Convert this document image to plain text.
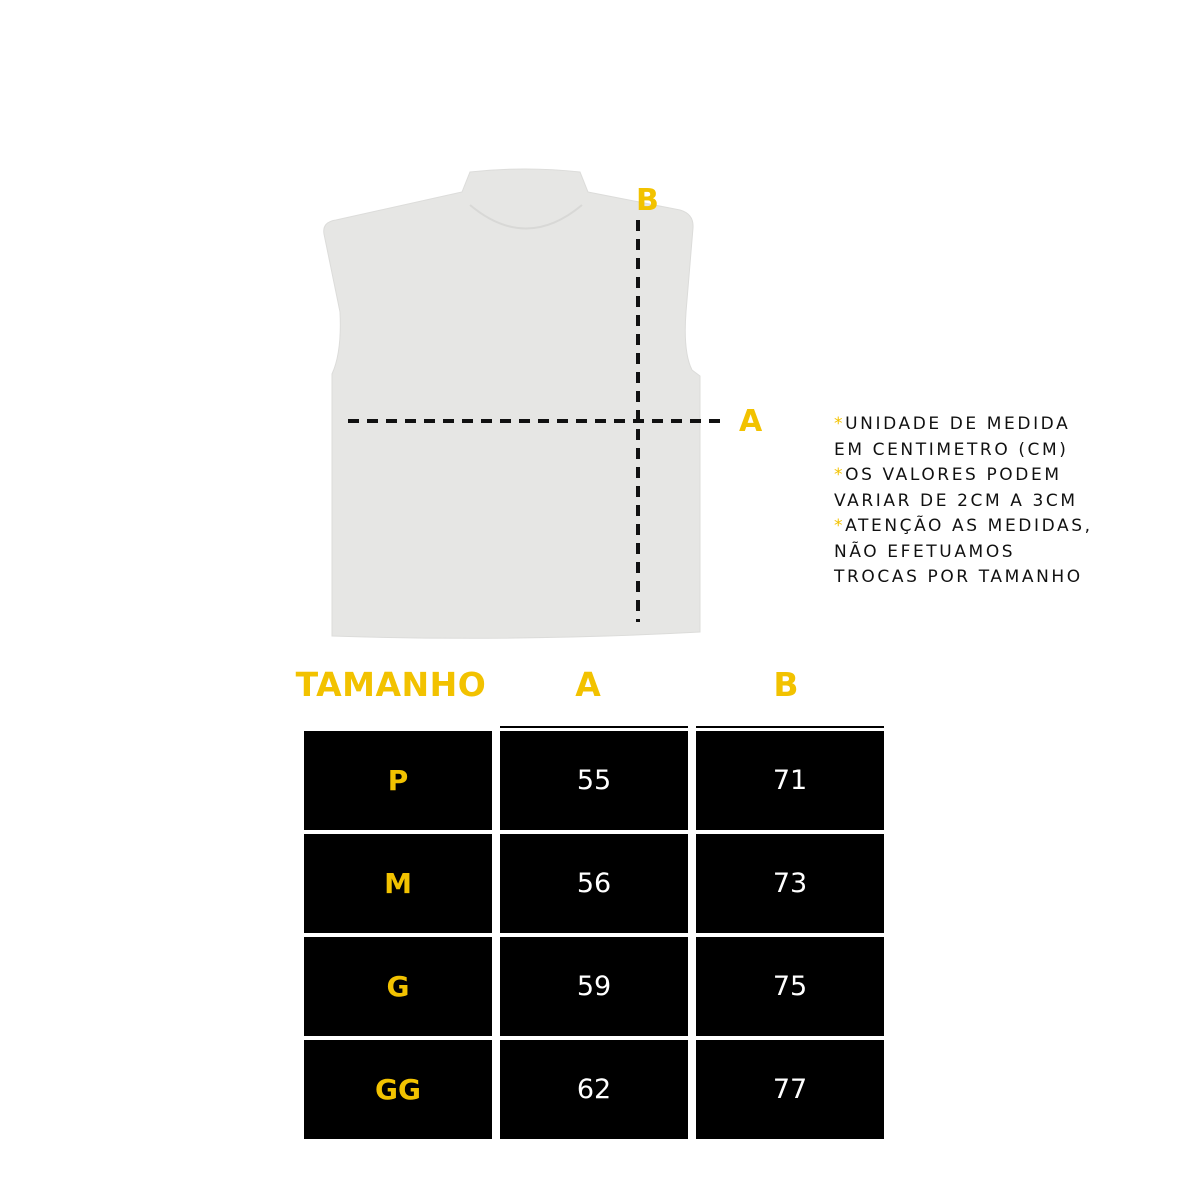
B
A	*UNIDADE DE MEDIDA
EM CENTIMETRO (CM)
*OS VALORES PODEM
VARIAR DE 2CM A 3CM
*ATENÇÃO AS MEDIDAS,
NÃO EFETUAMOS
TROCAS POR TAMANHO
TAMANHO	A	B
P	55	71
M	56	73
G	59	75
GG	62	77
